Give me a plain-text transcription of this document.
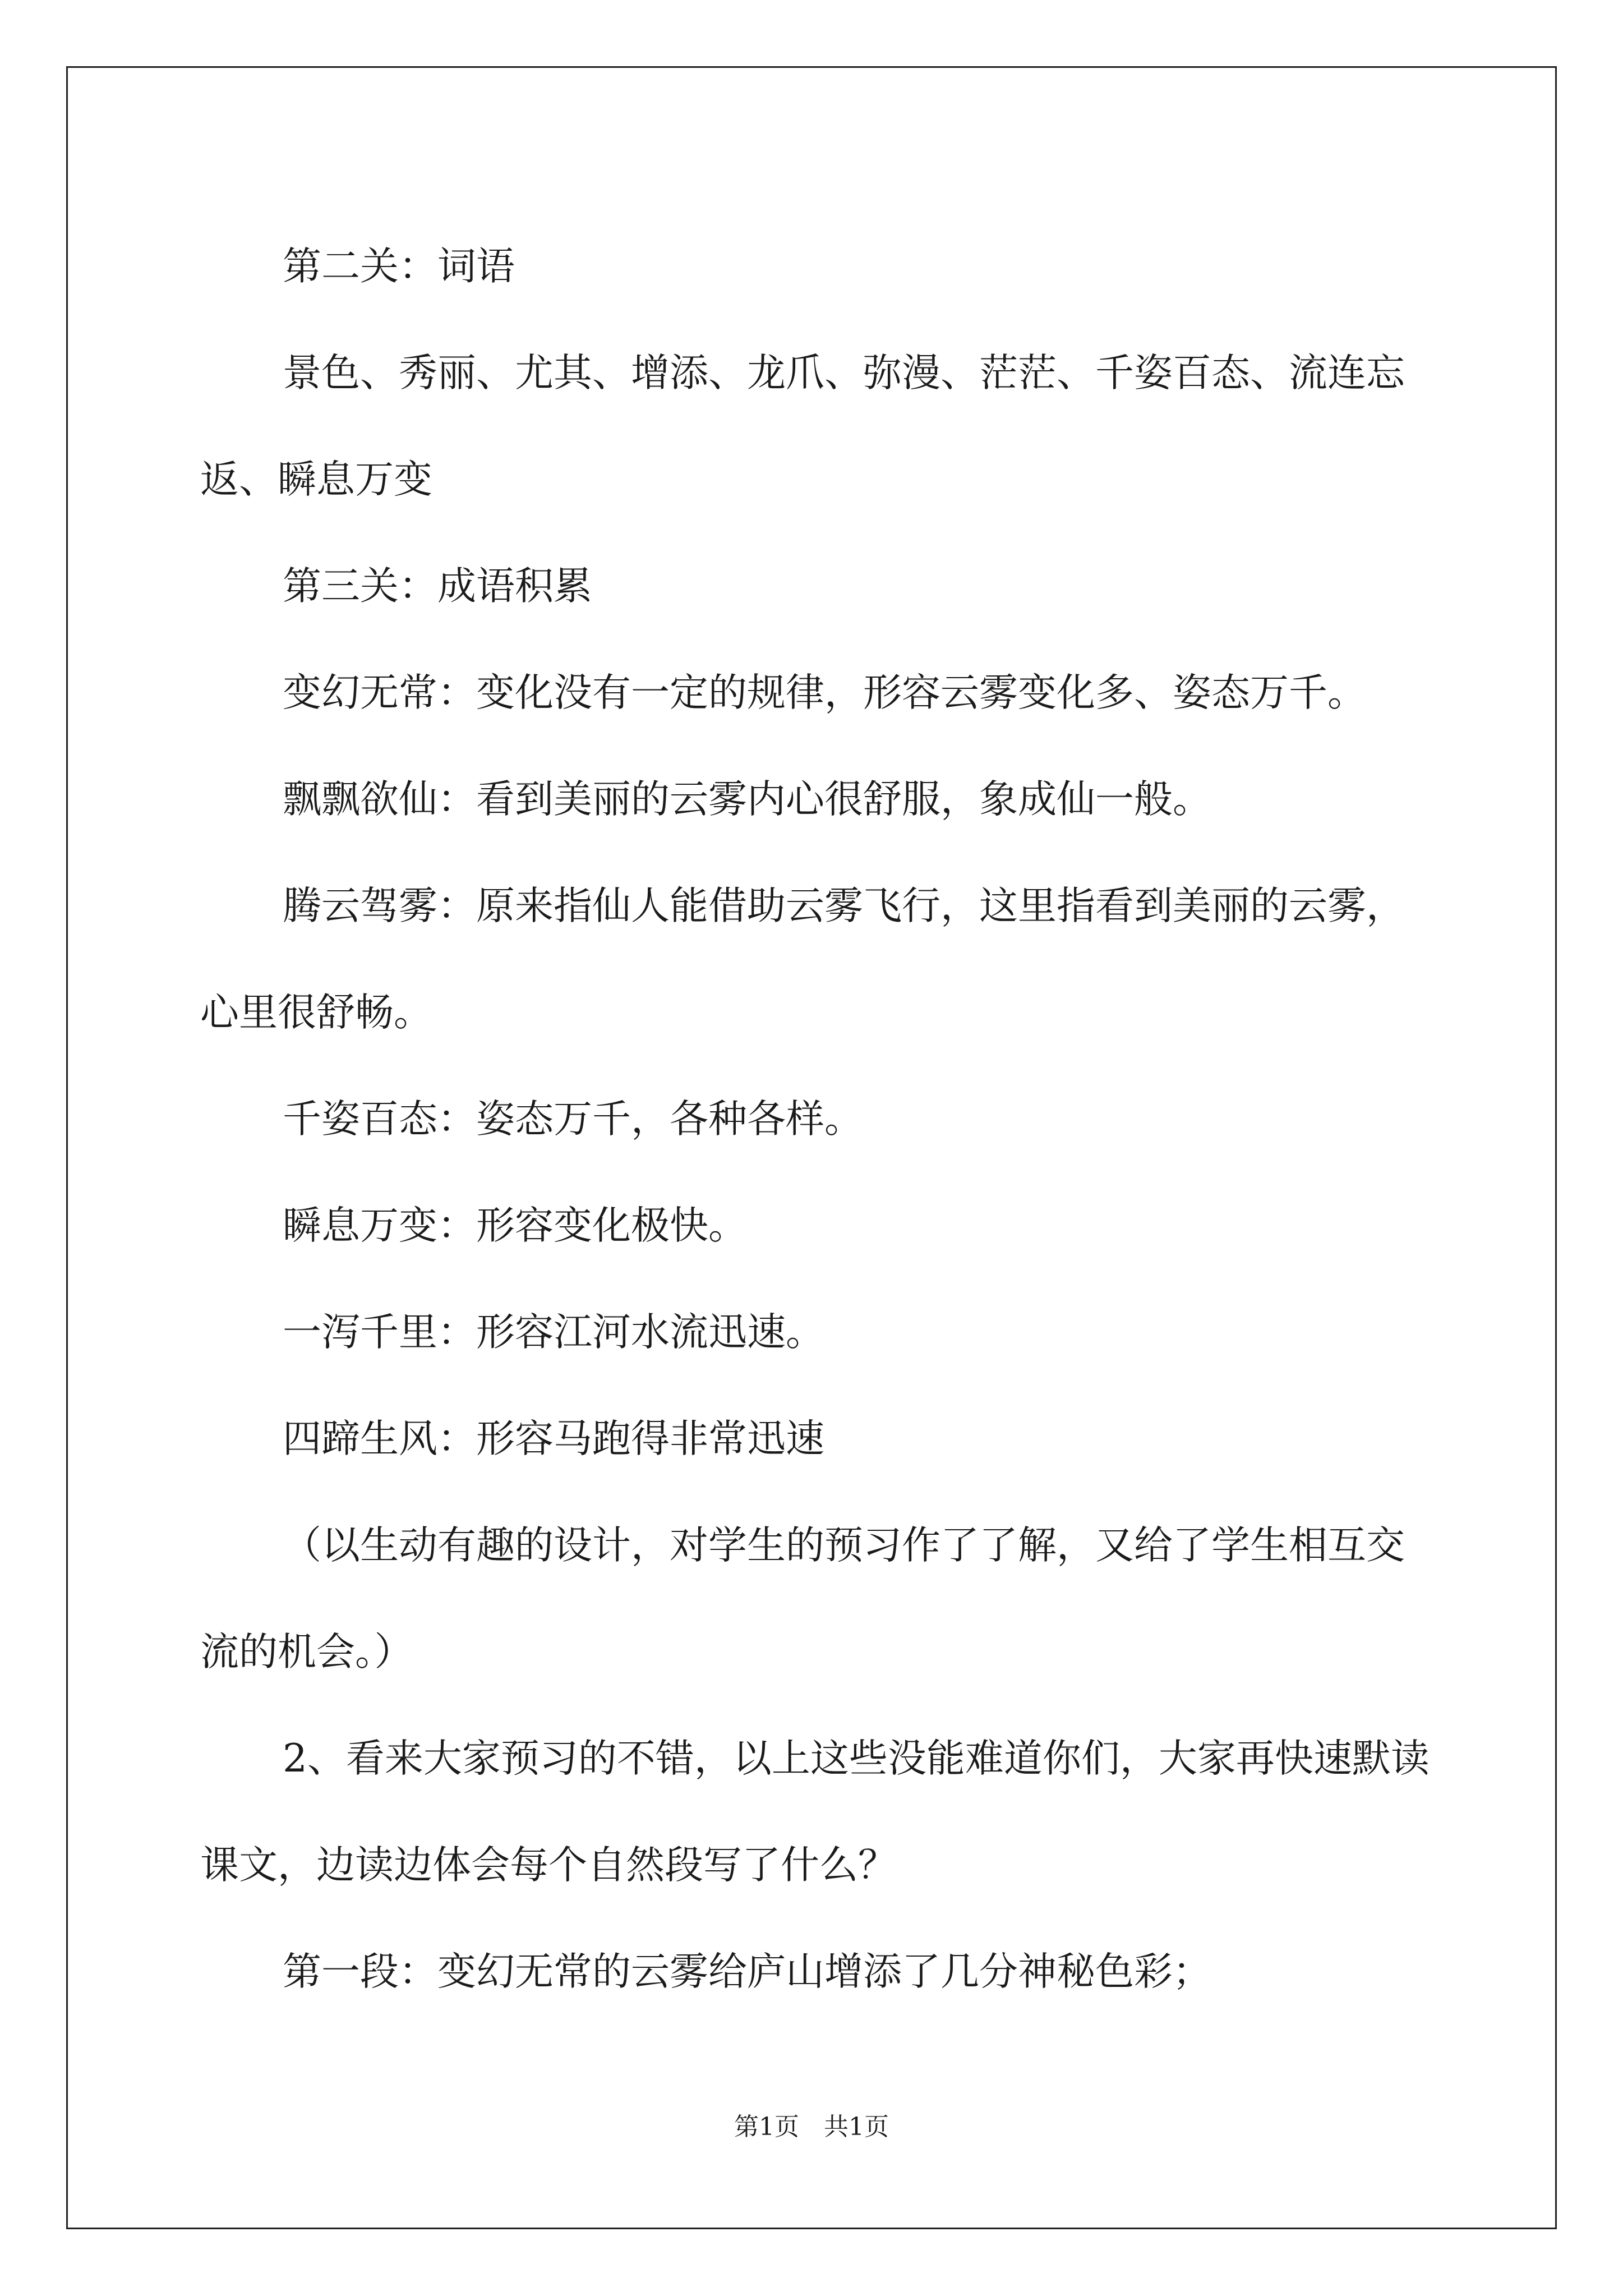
第二关：词语

景色、秀丽、尤其、增添、龙爪、弥漫、茫茫、千姿百态、流连忘返、瞬息万变

第三关：成语积累

变幻无常：变化没有一定的规律，形容云雾变化多、姿态万千。

飘飘欲仙：看到美丽的云雾内心很舒服，象成仙一般。

腾云驾雾：原来指仙人能借助云雾飞行，这里指看到美丽的云雾，心里很舒畅。

千姿百态：姿态万千，各种各样。

瞬息万变：形容变化极快。

一泻千里：形容江河水流迅速。

四蹄生风：形容马跑得非常迅速

（以生动有趣的设计，对学生的预习作了了解，又给了学生相互交流的机会。）

2、看来大家预习的不错，以上这些没能难道你们，大家再快速默读课文，边读边体会每个自然段写了什么？

第一段：变幻无常的云雾给庐山增添了几分神秘色彩；

第1页　共1页
